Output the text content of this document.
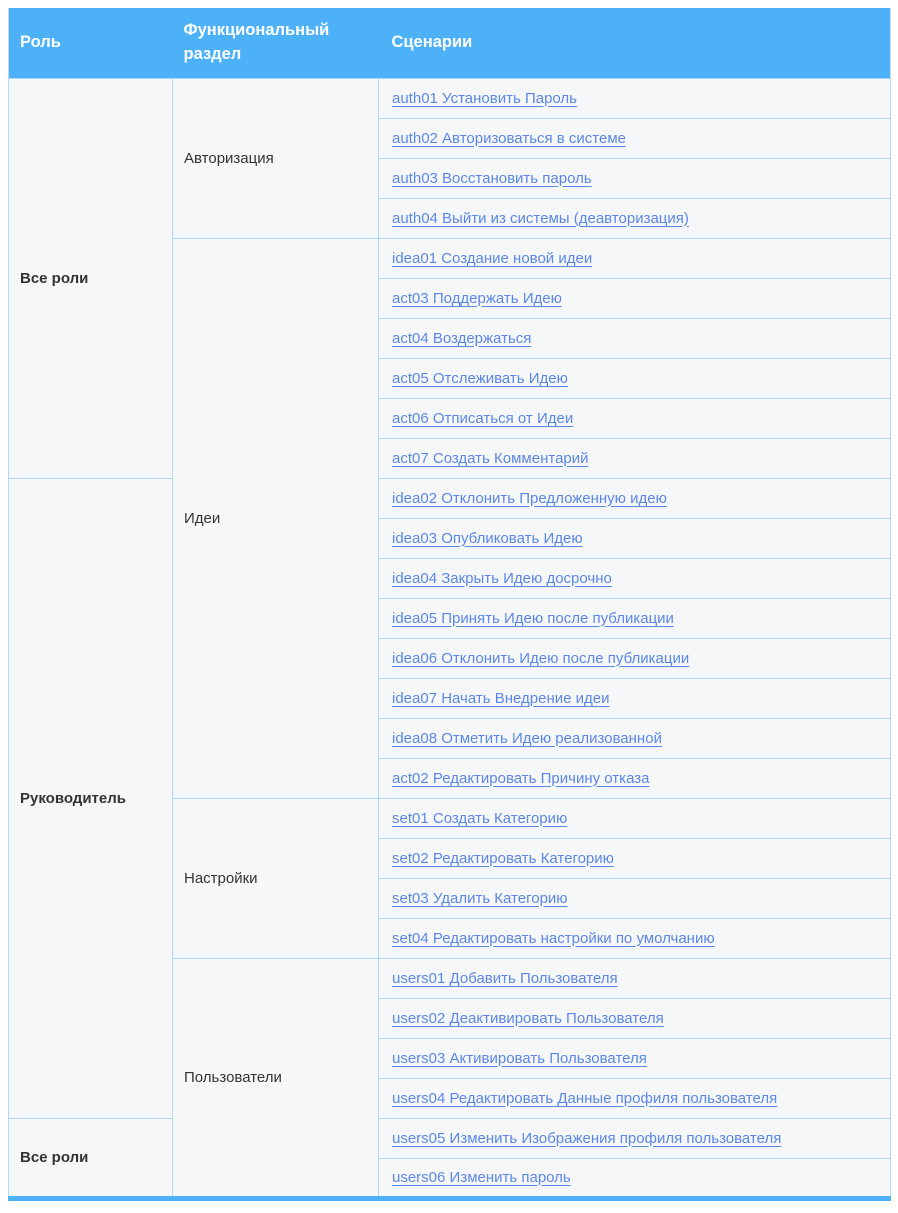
Роль	Функциональный раздел	Сценарии
Все роли	Авторизация	auth01 Установить Пароль
		auth02 Авторизоваться в системе
		auth03 Восстановить пароль
		auth04 Выйти из системы (деавторизация)
	Идеи	idea01 Создание новой идеи
		act03 Поддержать Идею
		act04 Воздержаться
		act05 Отслеживать Идею
		act06 Отписаться от Идеи
		act07 Создать Комментарий
Руководитель		idea02 Отклонить Предложенную идею
		idea03 Опубликовать Идею
		idea04 Закрыть Идею досрочно
		idea05 Принять Идею после публикации
		idea06 Отклонить Идею после публикации
		idea07 Начать Внедрение идеи
		idea08 Отметить Идею реализованной
		act02 Редактировать Причину отказа
	Настройки	set01 Создать Категорию
		set02 Редактировать Категорию
		set03 Удалить Категорию
		set04 Редактировать настройки по умолчанию
	Пользователи	users01 Добавить Пользователя
		users02 Деактивировать Пользователя
		users03 Активировать Пользователя
		users04 Редактировать Данные профиля пользователя
Все роли		users05 Изменить Изображения профиля пользователя
		users06 Изменить пароль
